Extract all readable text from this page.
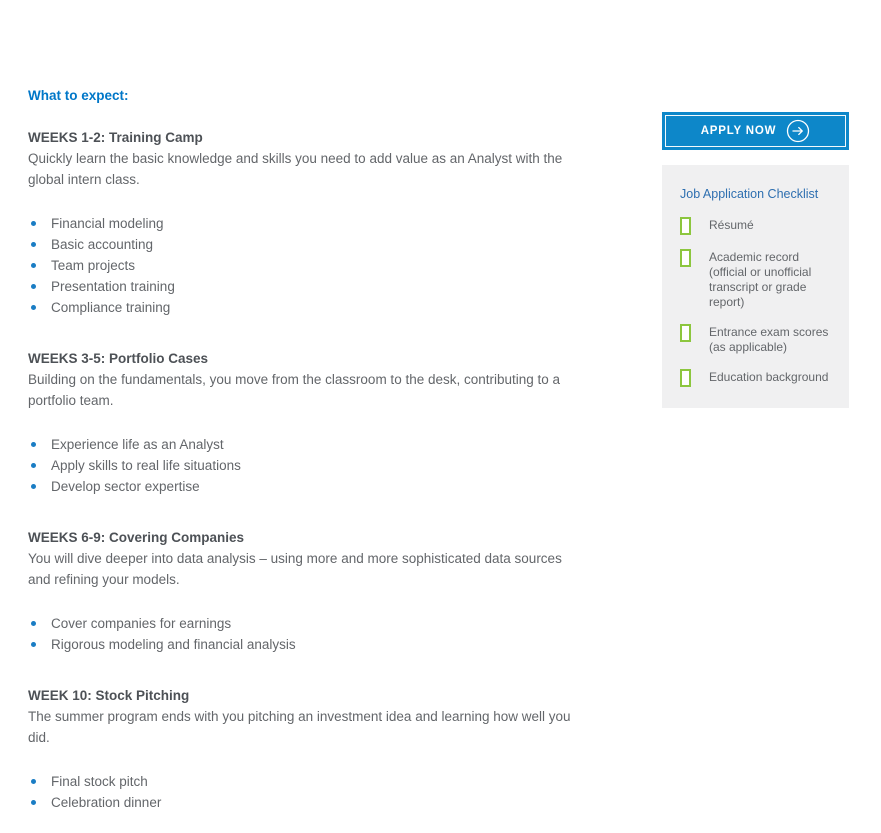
What to expect:
WEEKS 1-2: Training Camp

Quickly learn the basic knowledge and skills you need to add value as an Analyst with the global intern class.

Financial modeling
Basic accounting
Team projects
Presentation training
Compliance training
WEEKS 3-5: Portfolio Cases

Building on the fundamentals, you move from the classroom to the desk, contributing to a portfolio team.

Experience life as an Analyst
Apply skills to real life situations
Develop sector expertise
WEEKS 6-9: Covering Companies

You will dive deeper into data analysis – using more and more sophisticated data sources and refining your models.

Cover companies for earnings
Rigorous modeling and financial analysis
WEEK 10: Stock Pitching

The summer program ends with you pitching an investment idea and learning how well you did.

Final stock pitch
Celebration dinner
APPLY NOW
Job Application Checklist
Résumé
Academic record (official or unofficial transcript or grade report)
Entrance exam scores (as applicable)
Education background
